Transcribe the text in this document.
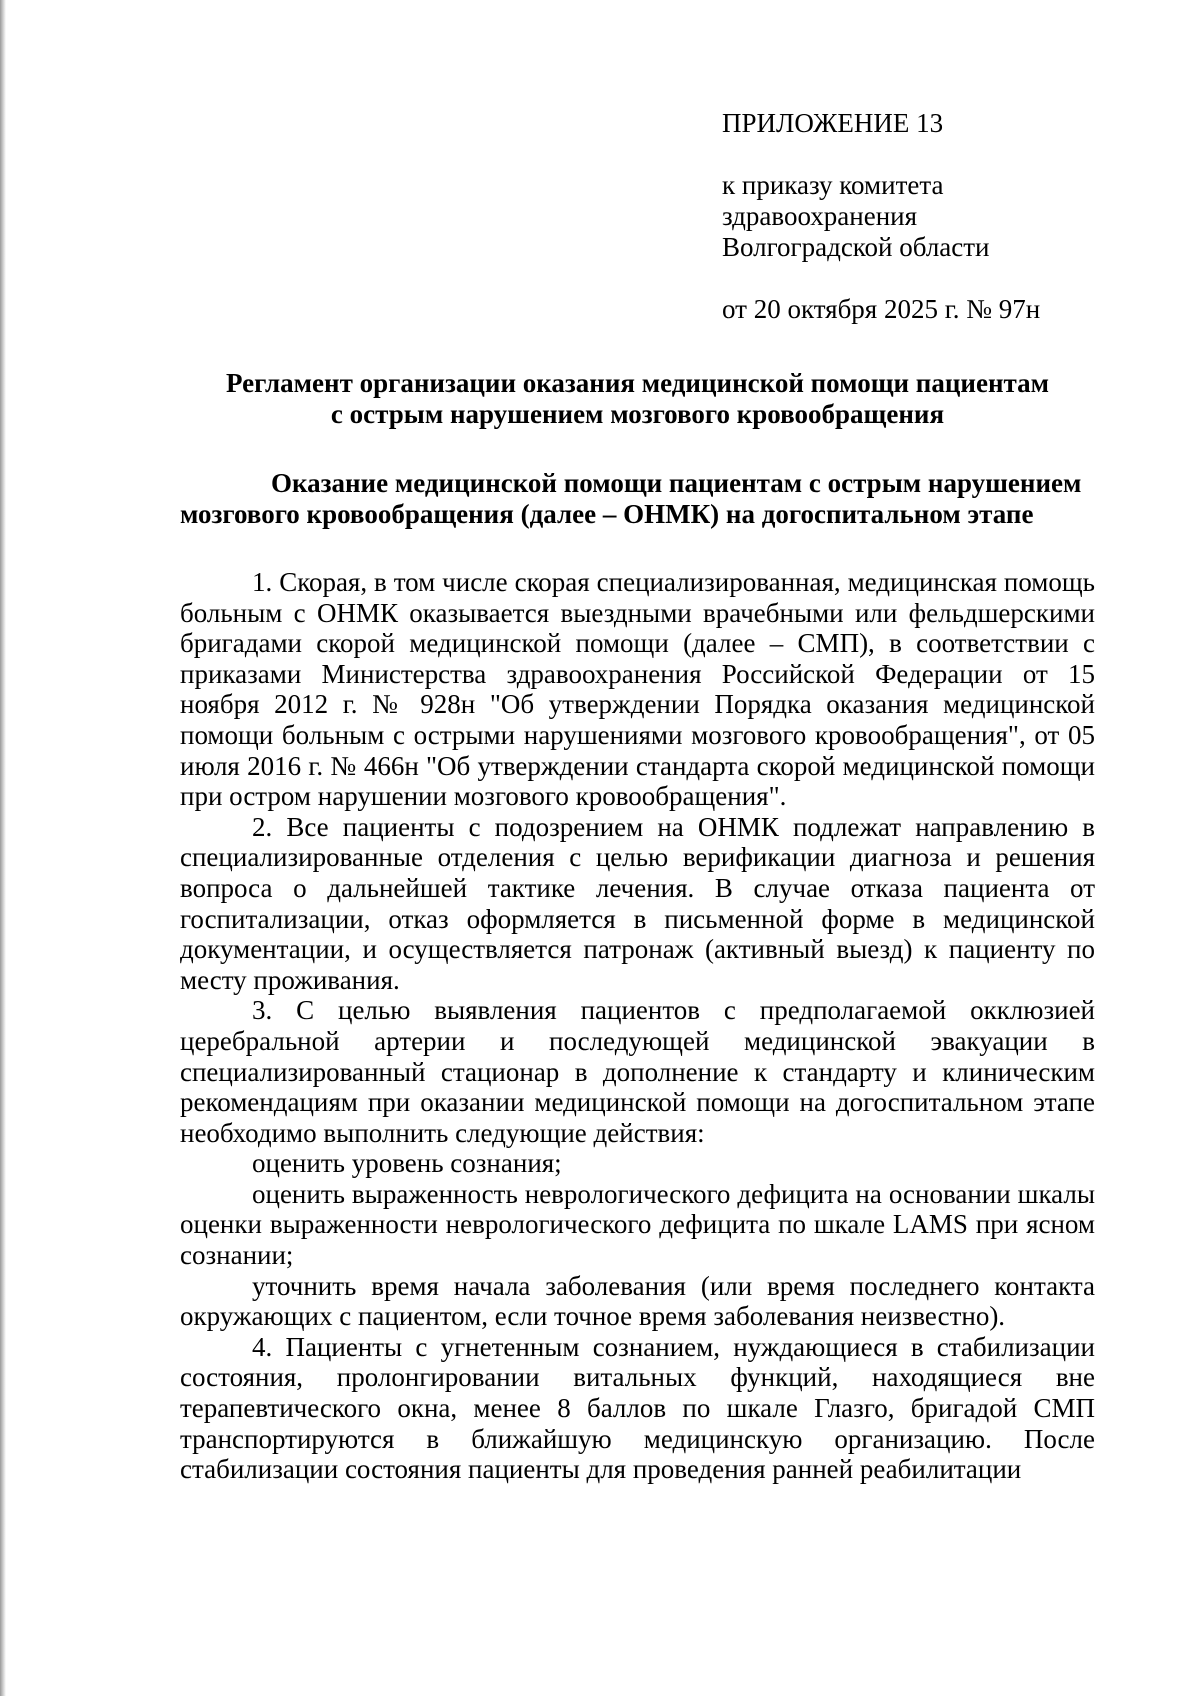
ПРИЛОЖЕНИЕ 13
к приказу комитета
здравоохранения
Волгоградской области
от 20 октября 2025 г. № 97н
Регламент организации оказания медицинской помощи пациентам
с острым нарушением мозгового кровообращения
Оказание медицинской помощи пациентам с острым нарушением
мозгового кровообращения (далее – ОНМК) на догоспитальном этапе

1. Скорая, в том числе скорая специализированная, медицинская помощь больным с ОНМК оказывается выездными врачебными или фельдшерскими бригадами скорой медицинской помощи (далее – СМП), в соответствии с приказами Министерства здравоохранения Российской Федерации от 15 ноября 2012 г. № 928н "Об утверждении Порядка оказания медицинской помощи больным с острыми нарушениями мозгового кровообращения", от 05 июля 2016 г. № 466н "Об утверждении стандарта скорой медицинской помощи при остром нарушении мозгового кровообращения".

2. Все пациенты с подозрением на ОНМК подлежат направлению в специализированные отделения с целью верификации диагноза и решения вопроса о дальнейшей тактике лечения. В случае отказа пациента от госпитализации, отказ оформляется в письменной форме в медицинской документации, и осуществляется патронаж (активный выезд) к пациенту по месту проживания.

3. С целью выявления пациентов с предполагаемой окклюзией церебральной артерии и последующей медицинской эвакуации в специализированный стационар в дополнение к стандарту и клиническим рекомендациям при оказании медицинской помощи на догоспитальном этапе необходимо выполнить следующие действия:

оценить уровень сознания;

оценить выраженность неврологического дефицита на основании шкалы оценки выраженности неврологического дефицита по шкале LAMS при ясном сознании;

уточнить время начала заболевания (или время последнего контакта окружающих с пациентом, если точное время заболевания неизвестно).

4. Пациенты с угнетенным сознанием, нуждающиеся в стабилизации состояния, пролонгировании витальных функций, находящиеся вне терапевтического окна, менее 8 баллов по шкале Глазго, бригадой СМП транспортируются в ближайшую медицинскую организацию. После стабилизации состояния пациенты для проведения ранней реабилитации
